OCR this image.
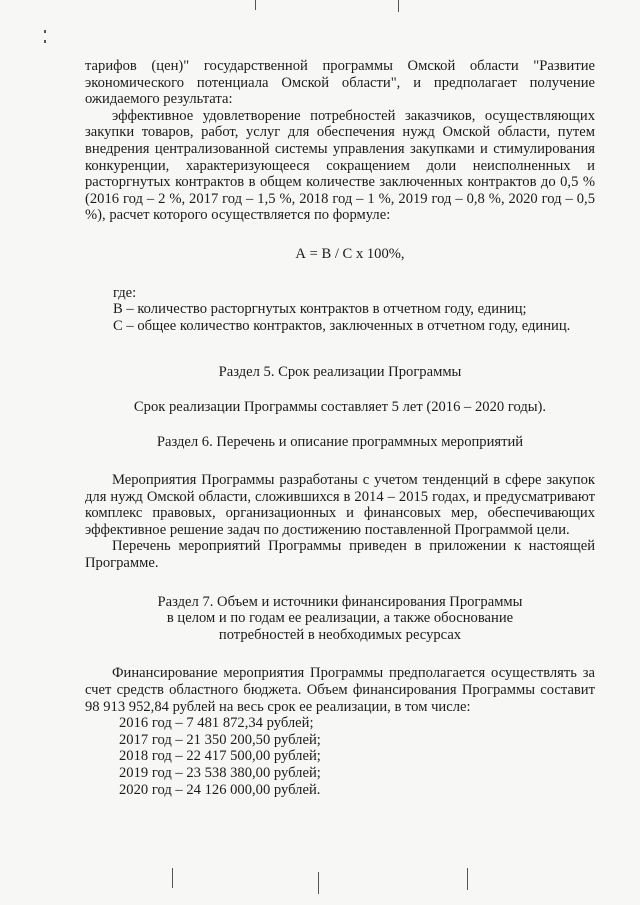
тарифов (цен)" государственной программы Омской области "Развитие экономического потенциала Омской области", и предполагает получение ожидаемого результата:

эффективное удовлетворение потребностей заказчиков, осуществляющих закупки товаров, работ, услуг для обеспечения нужд Омской области, путем внедрения централизованной системы управления закупками и стимулирования конкуренции, характеризующееся сокращением доли неисполненных и расторгнутых контрактов в общем количестве заключенных контрактов до 0,5 % (2016 год – 2 %, 2017 год – 1,5 %, 2018 год – 1 %, 2019 год – 0,8 %, 2020 год – 0,5 %), расчет которого осуществляется по формуле:

А = В / С х 100%,

где:

В – количество расторгнутых контрактов в отчетном году, единиц;

С – общее количество контрактов, заключенных в отчетном году, единиц.

Раздел 5. Срок реализации Программы

Срок реализации Программы составляет 5 лет (2016 – 2020 годы).

Раздел 6. Перечень и описание программных мероприятий

Мероприятия Программы разработаны с учетом тенденций в сфере закупок для нужд Омской области, сложившихся в 2014 – 2015 годах, и предусматривают комплекс правовых, организационных и финансовых мер, обеспечивающих эффективное решение задач по достижению поставленной Программой цели.

Перечень мероприятий Программы приведен в приложении к настоящей Программе.

Раздел 7. Объем и источники финансирования Программы

в целом и по годам ее реализации, а также обоснование

потребностей в необходимых ресурсах

Финансирование мероприятия Программы предполагается осуществлять за счет средств областного бюджета. Объем финансирования Программы составит 98 913 952,84 рублей на весь срок ее реализации, в том числе:

2016 год – 7 481 872,34 рублей;

2017 год – 21 350 200,50 рублей;

2018 год – 22 417 500,00 рублей;

2019 год – 23 538 380,00 рублей;

2020 год – 24 126 000,00 рублей.
